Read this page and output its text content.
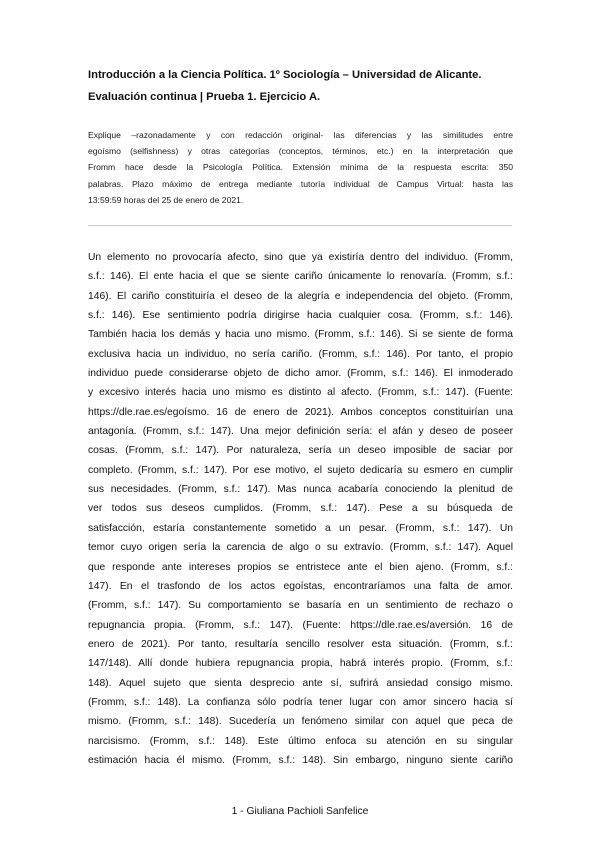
Introducción a la Ciencia Política. 1º Sociología – Universidad de Alicante.
Evaluación continua | Prueba 1. Ejercicio A.
Explique –razonadamente y con redacción original- las diferencias y las similitudes entre
egoísmo (selfishness) y otras categorías (conceptos, términos, etc.) en la interpretación que
Fromm hace desde la Psicología Política. Extensión mínima de la respuesta escrita: 350
palabras. Plazo máximo de entrega mediante tutoría individual de Campus Virtual: hasta las
13:59:59 horas del 25 de enero de 2021.
Un elemento no provocaría afecto, sino que ya existiría dentro del individuo. (Fromm,
s.f.: 146). El ente hacia el que se siente cariño únicamente lo renovaría. (Fromm, s.f.:
146). El cariño constituiría el deseo de la alegría e independencia del objeto. (Fromm,
s.f.: 146). Ese sentimiento podría dirigirse hacia cualquier cosa. (Fromm, s.f.: 146).
También hacia los demás y hacia uno mismo. (Fromm, s.f.: 146). Si se siente de forma
exclusiva hacia un individuo, no sería cariño. (Fromm, s.f.: 146). Por tanto, el propio
individuo puede considerarse objeto de dicho amor. (Fromm, s.f.: 146). El inmoderado
y excesivo interés hacia uno mismo es distinto al afecto. (Fromm, s.f.: 147). (Fuente:
https://dle.rae.es/egoísmo. 16 de enero de 2021). Ambos conceptos constituirían una
antagonía. (Fromm, s.f.: 147). Una mejor definición sería: el afán y deseo de poseer
cosas. (Fromm, s.f.: 147). Por naturaleza, sería un deseo imposible de saciar por
completo. (Fromm, s.f.: 147). Por ese motivo, el sujeto dedicaría su esmero en cumplir
sus necesidades. (Fromm, s.f.: 147). Mas nunca acabaría conociendo la plenitud de
ver todos sus deseos cumplidos. (Fromm, s.f.: 147). Pese a su búsqueda de
satisfacción, estaría constantemente sometido a un pesar. (Fromm, s.f.: 147). Un
temor cuyo origen sería la carencia de algo o su extravío. (Fromm, s.f.: 147). Aquel
que responde ante intereses propios se entristece ante el bien ajeno. (Fromm, s.f.:
147). En el trasfondo de los actos egoístas, encontraríamos una falta de amor.
(Fromm, s.f.: 147). Su comportamiento se basaría en un sentimiento de rechazo o
repugnancia propia. (Fromm, s.f.: 147). (Fuente: https://dle.rae.es/aversión. 16 de
enero de 2021). Por tanto, resultaría sencillo resolver esta situación. (Fromm, s.f.:
147/148). Allí donde hubiera repugnancia propia, habrá interés propio. (Fromm, s.f.:
148). Aquel sujeto que sienta desprecio ante sí, sufrirá ansiedad consigo mismo.
(Fromm, s.f.: 148). La confianza sólo podría tener lugar con amor sincero hacia sí
mismo. (Fromm, s.f.: 148). Sucedería un fenómeno similar con aquel que peca de
narcisismo. (Fromm, s.f.: 148). Este último enfoca su atención en su singular
estimación hacia él mismo. (Fromm, s.f.: 148). Sin embargo, ninguno siente cariño
1 - Giuliana Pachioli Sanfelice
